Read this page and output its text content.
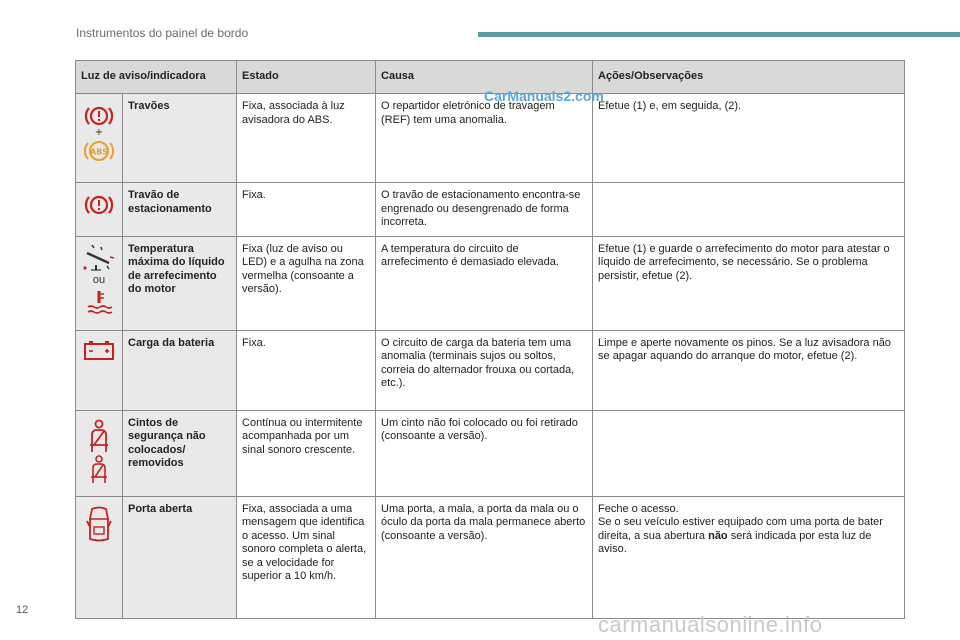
Instrumentos do painel de bordo
Luz de aviso/indicadora		Estado	Causa	Ações/Observações

+
ABS	Travões	Fixa, associada à luz avisadora do ABS.	O repartidor eletrónico de travagem (REF) tem uma anomalia.	Efetue (1) e, em seguida, (2).

	Travão de estacionamento	Fixa.	O travão de estacionamento encontra-se engrenado ou desengrenado de forma incorreta.	

ou	Temperatura máxima do líquido de arrefecimento do motor	Fixa (luz de aviso ou LED) e a agulha na zona vermelha (consoante a versão).	A temperatura do circuito de arrefecimento é demasiado elevada.	Efetue (1) e guarde o arrefecimento do motor para atestar o líquido de arrefecimento, se necessário. Se o problema persistir, efetue (2).

	Carga da bateria	Fixa.	O circuito de carga da bateria tem uma anomalia (terminais sujos ou soltos, correia do alternador frouxa ou cortada, etc.).	Limpe e aperte novamente os pinos. Se a luz avisadora não se apagar aquando do arranque do motor, efetue (2).

	Cintos de segurança não colocados/ removidos	Contínua ou intermitente acompanhada por um sinal sonoro crescente.	Um cinto não foi colocado ou foi retirado (consoante a versão).	

	Porta aberta	Fixa, associada a uma mensagem que identifica o acesso. Um sinal sonoro completa o alerta, se a velocidade for superior a 10 km/h.	Uma porta, a mala, a porta da mala ou o óculo da porta da mala permanece aberto (consoante a versão).	Feche o acesso.
Se o seu veículo estiver equipado com uma porta de bater direita, a sua abertura não será indicada por esta luz de aviso.
CarManuals2.com
12
carmanualsonline.info
